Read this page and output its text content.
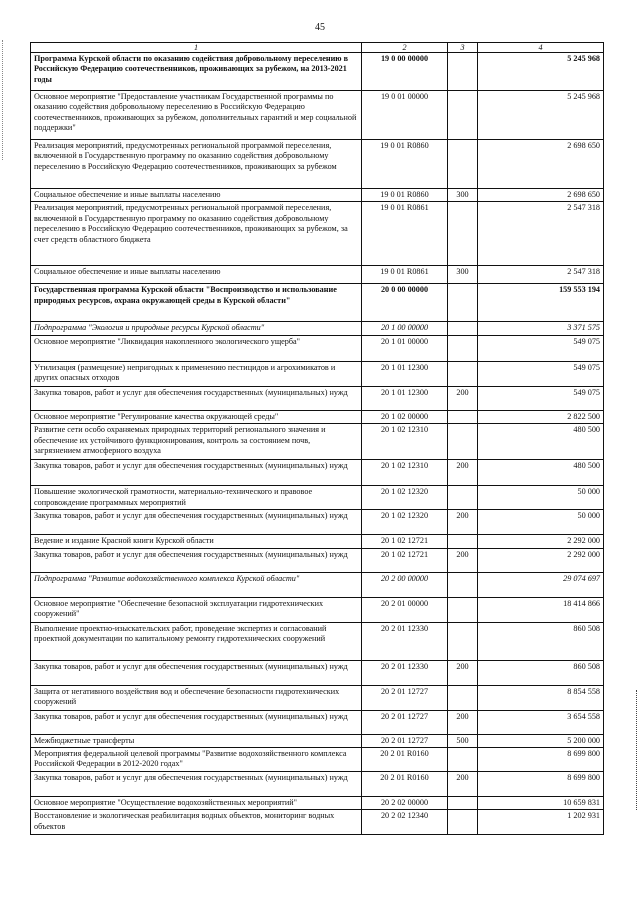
45
1	2	3	4
Программа Курской области по оказанию содействия добровольному переселению в Российскую Федерацию соотечественников, проживающих за рубежом, на 2013-2021 годы	19 0 00 00000		5 245 968
Основное мероприятие "Предоставление участникам Государственной программы по оказанию содействия добровольному переселению в Российскую Федерацию соотечественников, проживающих за рубежом, дополнительных гарантий и мер социальной поддержки"	19 0 01 00000		5 245 968
Реализация мероприятий, предусмотренных региональной программой переселения, включенной в Государственную программу по оказанию содействия добровольному переселению в Российскую Федерацию соотечественников, проживающих за рубежом	19 0 01 R0860		2 698 650
Социальное обеспечение и иные выплаты населению	19 0 01 R0860	300	2 698 650
Реализация мероприятий, предусмотренных региональной программой переселения, включенной в Государственную программу по оказанию содействия добровольному переселению в Российскую Федерацию соотечественников, проживающих за рубежом, за счет средств областного бюджета	19 0 01 R0861		2 547 318
Социальное обеспечение и иные выплаты населению	19 0 01 R0861	300	2 547 318
Государственная программа Курской области "Воспроизводство и использование природных ресурсов, охрана окружающей среды в Курской области"	20 0 00 00000		159 553 194
Подпрограмма "Экология и природные ресурсы Курской области"	20 1 00 00000		3 371 575
Основное мероприятие "Ликвидация накопленного экологического ущерба"	20 1 01 00000		549 075
Утилизация (размещение) непригодных к применению пестицидов и агрохимикатов и других опасных отходов	20 1 01 12300		549 075
Закупка товаров, работ и услуг для обеспечения государственных (муниципальных) нужд	20 1 01 12300	200	549 075
Основное мероприятие "Регулирование качества окружающей среды"	20 1 02 00000		2 822 500
Развитие сети особо охраняемых природных территорий регионального значения и обеспечение их устойчивого функционирования, контроль за состоянием почв, загрязнением атмосферного воздуха	20 1 02 12310		480 500
Закупка товаров, работ и услуг для обеспечения государственных (муниципальных) нужд	20 1 02 12310	200	480 500
Повышение экологической грамотности, материально-технического и правовое сопровождение программных мероприятий	20 1 02 12320		50 000
Закупка товаров, работ и услуг для обеспечения государственных (муниципальных) нужд	20 1 02 12320	200	50 000
Ведение и издание Красной книги Курской области	20 1 02 12721		2 292 000
Закупка товаров, работ и услуг для обеспечения государственных (муниципальных) нужд	20 1 02 12721	200	2 292 000
Подпрограмма "Развитие водохозяйственного комплекса Курской области"	20 2 00 00000		29 074 697
Основное мероприятие "Обеспечение безопасной эксплуатации гидротехнических сооружений"	20 2 01 00000		18 414 866
Выполнение проектно-изыскательских работ, проведение экспертиз и согласований проектной документации по капитальному ремонту гидротехнических сооружений	20 2 01 12330		860 508
Закупка товаров, работ и услуг для обеспечения государственных (муниципальных) нужд	20 2 01 12330	200	860 508
Защита от негативного воздействия вод и обеспечение безопасности гидротехнических сооружений	20 2 01 12727		8 854 558
Закупка товаров, работ и услуг для обеспечения государственных (муниципальных) нужд	20 2 01 12727	200	3 654 558
Межбюджетные трансферты	20 2 01 12727	500	5 200 000
Мероприятия федеральной целевой программы "Развитие водохозяйственного комплекса Российской Федерации в 2012-2020 годах"	20 2 01 R0160		8 699 800
Закупка товаров, работ и услуг для обеспечения государственных (муниципальных) нужд	20 2 01 R0160	200	8 699 800
Основное мероприятие "Осуществление водохозяйственных мероприятий"	20 2 02 00000		10 659 831
Восстановление и экологическая реабилитация водных объектов, мониторинг водных объектов	20 2 02 12340		1 202 931
